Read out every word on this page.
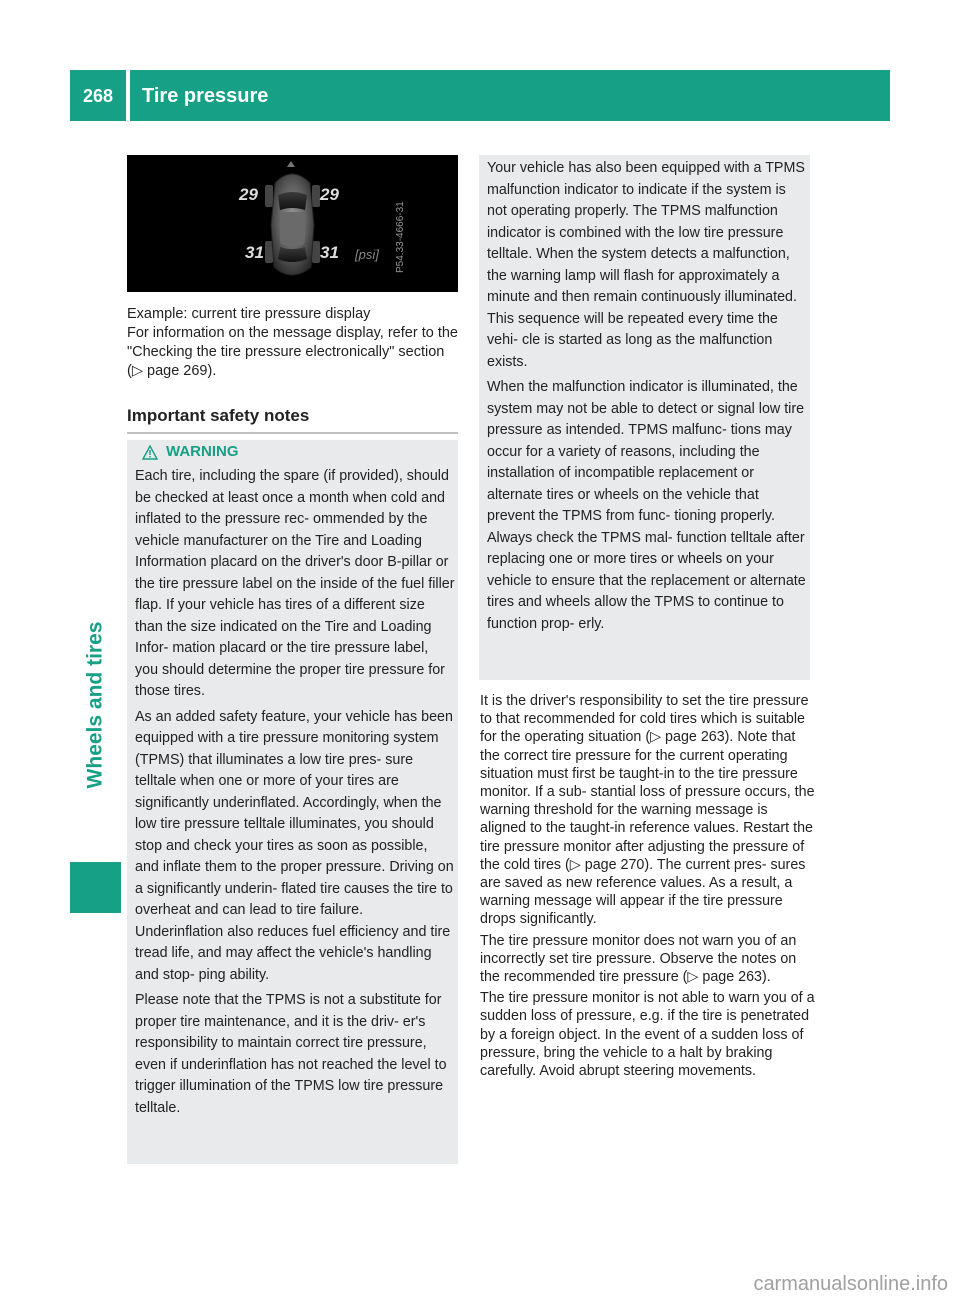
268 Tire pressure
Wheels and tires
29	29
31	31 [psi] P54.33-4666-31
Example: current tire pressure display
For information on the message display, refer to the "Checking the tire pressure electronically" section (▷ page 269).
Important safety notes
WARNING

Each tire, including the spare (if provided), should be checked at least once a month when cold and inflated to the pressure rec- ommended by the vehicle manufacturer on the Tire and Loading Information placard on the driver's door B-pillar or the tire pressure label on the inside of the fuel filler flap. If your vehicle has tires of a different size than the size indicated on the Tire and Loading Infor- mation placard or the tire pressure label, you should determine the proper tire pressure for those tires.

As an added safety feature, your vehicle has been equipped with a tire pressure monitoring system (TPMS) that illuminates a low tire pres- sure telltale when one or more of your tires are significantly underinflated. Accordingly, when the low tire pressure telltale illuminates, you should stop and check your tires as soon as possible, and inflate them to the proper pressure. Driving on a significantly underin- flated tire causes the tire to overheat and can lead to tire failure. Underinflation also reduces fuel efficiency and tire tread life, and may affect the vehicle's handling and stop- ping ability.

Please note that the TPMS is not a substitute for proper tire maintenance, and it is the driv- er's responsibility to maintain correct tire pressure, even if underinflation has not reached the level to trigger illumination of the TPMS low tire pressure telltale.

Your vehicle has also been equipped with a TPMS malfunction indicator to indicate if the system is not operating properly. The TPMS malfunction indicator is combined with the low tire pressure telltale. When the system detects a malfunction, the warning lamp will flash for approximately a minute and then remain continuously illuminated. This sequence will be repeated every time the vehi- cle is started as long as the malfunction exists.

When the malfunction indicator is illuminated, the system may not be able to detect or signal low tire pressure as intended. TPMS malfunc- tions may occur for a variety of reasons, including the installation of incompatible replacement or alternate tires or wheels on the vehicle that prevent the TPMS from func- tioning properly. Always check the TPMS mal- function telltale after replacing one or more tires or wheels on your vehicle to ensure that the replacement or alternate tires and wheels allow the TPMS to continue to function prop- erly.

It is the driver's responsibility to set the tire pressure to that recommended for cold tires which is suitable for the operating situation (▷ page 263). Note that the correct tire pressure for the current operating situation must first be taught-in to the tire pressure monitor. If a sub- stantial loss of pressure occurs, the warning threshold for the warning message is aligned to the taught-in reference values. Restart the tire pressure monitor after adjusting the pressure of the cold tires (▷ page 270). The current pres- sures are saved as new reference values. As a result, a warning message will appear if the tire pressure drops significantly.

The tire pressure monitor does not warn you of an incorrectly set tire pressure. Observe the notes on the recommended tire pressure (▷ page 263).

The tire pressure monitor is not able to warn you of a sudden loss of pressure, e.g. if the tire is penetrated by a foreign object. In the event of a sudden loss of pressure, bring the vehicle to a halt by braking carefully. Avoid abrupt steering movements.

carmanualsonline.info
